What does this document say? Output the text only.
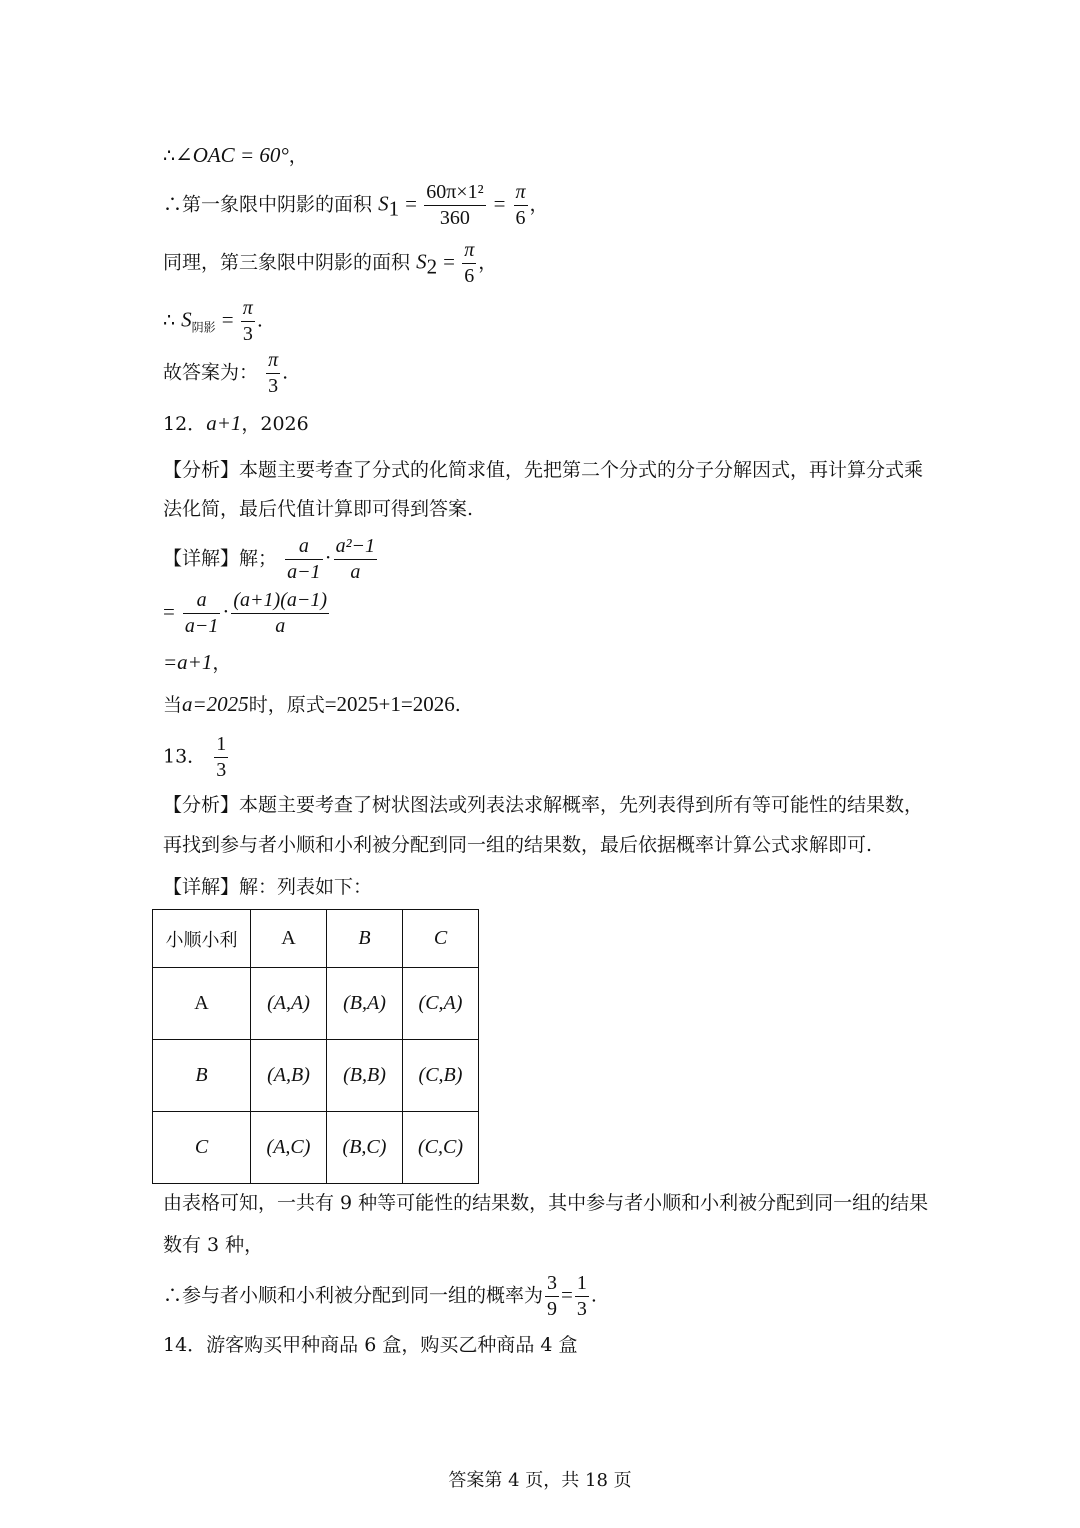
∴∠OAC = 60°，
∴第一象限中阴影的面积 $S_1 = \frac{\text{60π×1²}}{360} = \frac{\pi}{6}$ ，
同理，第三象限中阴影的面积 $S_2 = \frac{\pi}{6}$ ，
∴ $S_{阴影} = \frac{\pi}{3}$ .
故答案为： $\frac{\pi}{3}$ .
12．a+1，2026
【分析】本题主要考查了分式的化简求值，先把第二个分式的分子分解因式，再计算分式乘
法化简，最后代值计算即可得到答案.
【详解】解； $\frac{a}{a-1} \cdot \frac{\text{a²−1}}{a}$
= $\frac{a}{a-1} \cdot \frac{(a+1)(a-1)}{a}$
=a+1，
当a=2025时，原式=2025+1=2026.
13． $\frac{1}{3}$
【分析】本题主要考查了树状图法或列表法求解概率，先列表得到所有等可能性的结果数，
再找到参与者小顺和小利被分配到同一组的结果数，最后依据概率计算公式求解即可.
【详解】解：列表如下：
小顺小利	A	B	C
A	(A,A)	(B,A)	(C,A)
B	(A,B)	(B,B)	(C,B)
C	(A,C)	(B,C)	(C,C)
由表格可知，一共有 9 种等可能性的结果数，其中参与者小顺和小利被分配到同一组的结果
数有 3 种，
∴参与者小顺和小利被分配到同一组的概率为 $\frac{3}{9} = \frac{1}{3}$ .
14．游客购买甲种商品 6 盒，购买乙种商品 4 盒
答案第 4 页，共 18 页
